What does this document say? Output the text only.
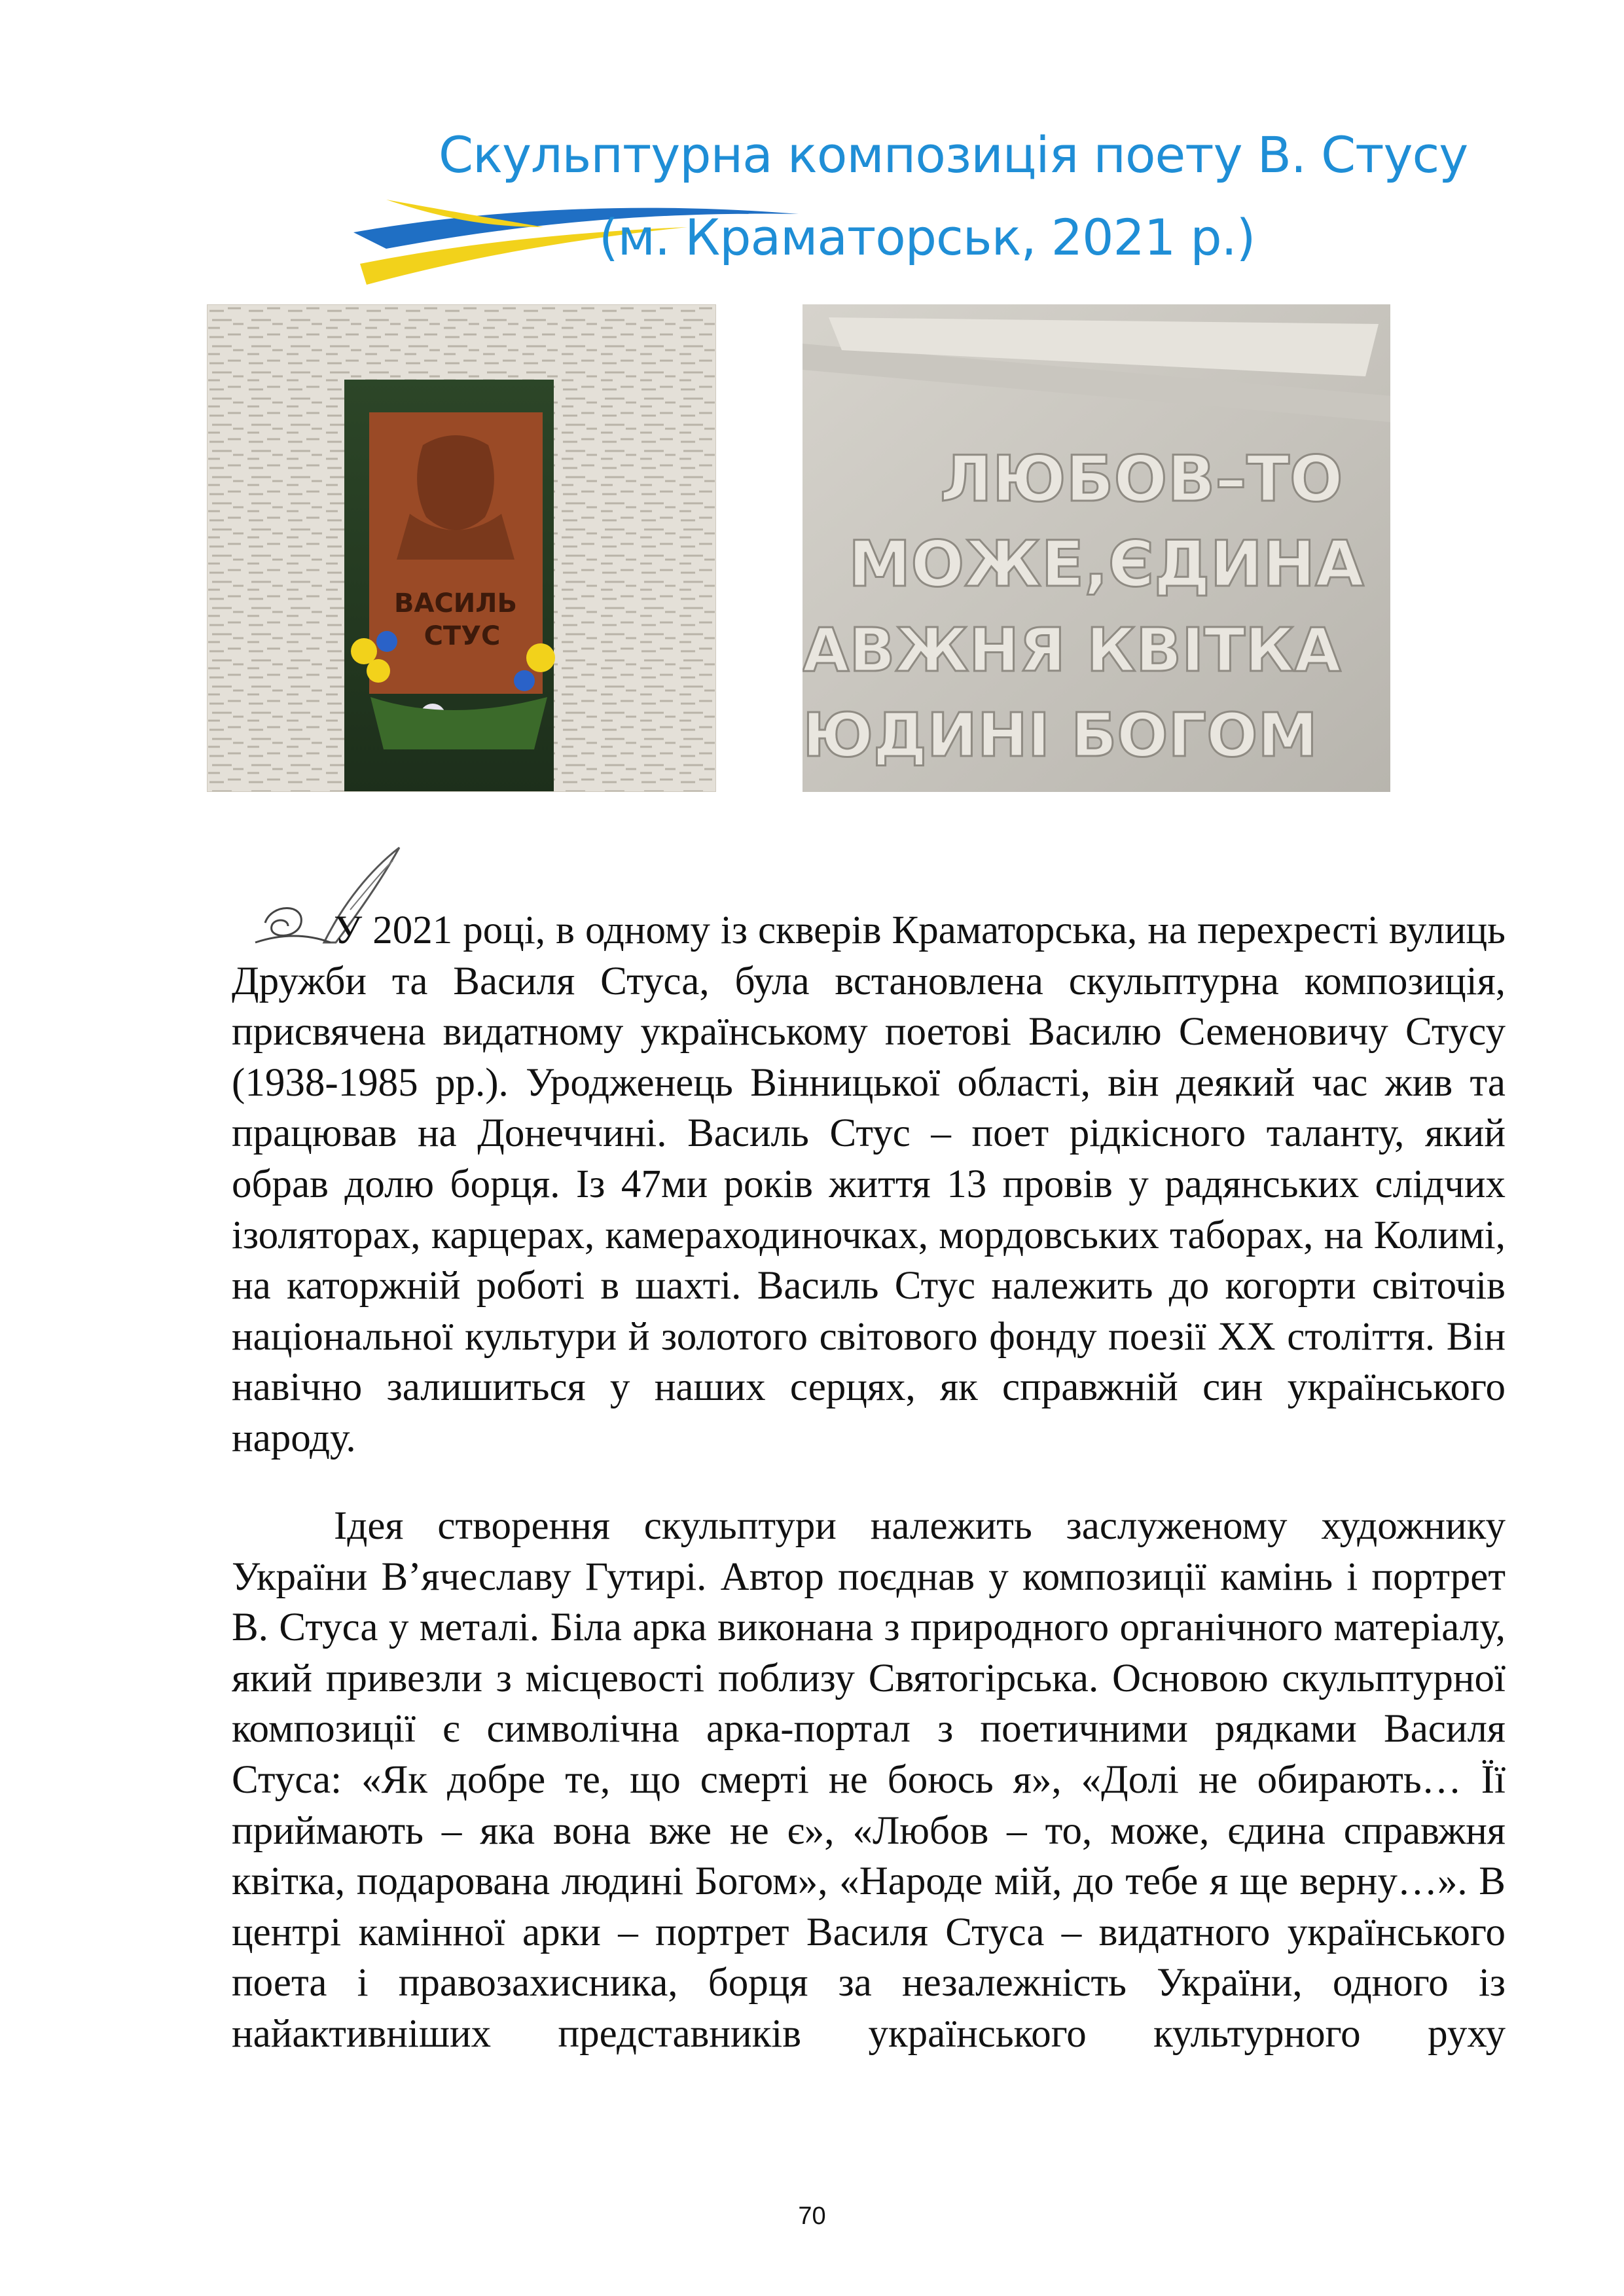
Скульптурна композиція поету В. Стусу
(м. Краматорськ, 2021 р.)
ВАСИЛЬ
СТУС
ЛЮБОВ–ТО
МОЖЕ,ЄДИНА
АВЖНЯ КВІТКА
ЮДИНІ БОГОМ

У 2021 році, в одному із скверів Краматорська, на перехресті вулиць Дружби та Василя Стуса, була встановлена скульптурна композиція, присвячена видатному українському поетові Василю Семеновичу Стусу (1938-1985 рр.). Уродженець Вінницької області, він деякий час жив та працював на Донеччині. Василь Стус – поет рідкісного таланту, який обрав долю борця. Із 47ми років життя 13 провів у радянських слідчих ізоляторах, карцерах, камераходиночках, мордовських таборах, на Колимі, на каторжній роботі в шахті. Василь Стус належить до когорти світочів національної культури й золотого світового фонду поезії XX століття. Він навічно залишиться у наших серцях, як справжній син українського народу.

Ідея створення скульптури належить заслуженому художнику України В’ячеславу Гутирі. Автор поєднав у композиції камінь і портрет В. Стуса у металі. Біла арка виконана з природного органічного матеріалу, який привезли з місцевості поблизу Святогірська. Основою скульптурної композиції є символічна арка-портал з поетичними рядками Василя Стуса: «Як добре те, що смерті не боюсь я», «Долі не обирають… Її приймають – яка вона вже не є», «Любов – то, може, єдина справжня квітка, подарована людині Богом», «Народе мій, до тебе я ще верну…». В центрі камінної арки – портрет Василя Стуса – видатного українського поета і правозахисника, борця за незалежність України, одного із найактивніших представників українського культурного руху

70
